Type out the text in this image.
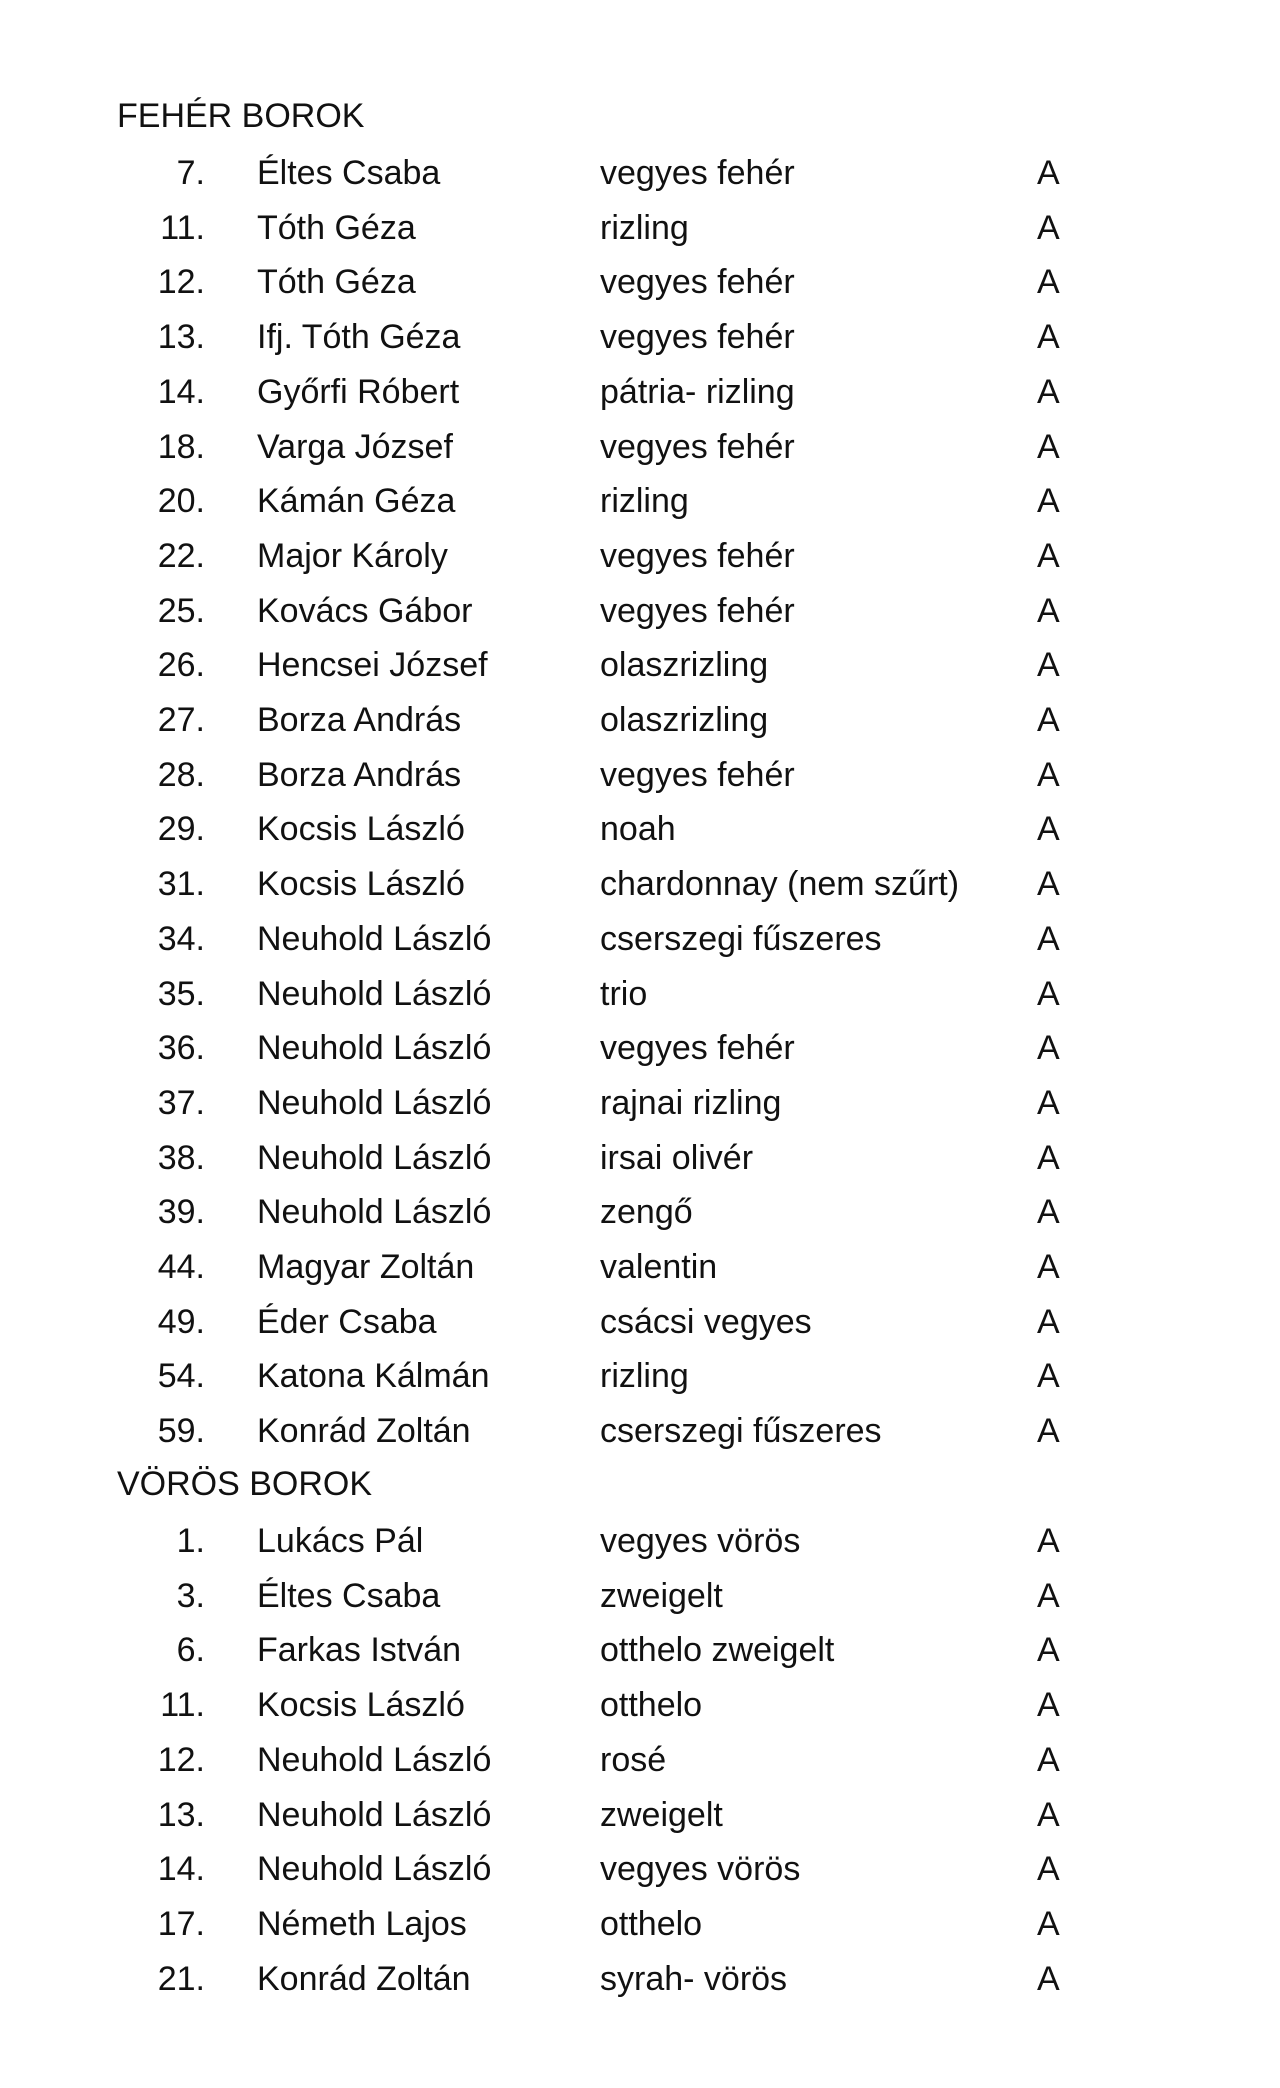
FEHÉR BOROK
7. Éltes Csaba	vegyes fehér	A
11. Tóth Géza	rizling	A
12. Tóth Géza	vegyes fehér	A
13. Ifj. Tóth Géza	vegyes fehér	A
14. Győrfi Róbert	pátria- rizling	A
18. Varga József	vegyes fehér	A
20. Kámán Géza	rizling	A
22. Major Károly	vegyes fehér	A
25. Kovács Gábor	vegyes fehér	A
26. Hencsei József	olaszrizling	A
27. Borza András	olaszrizling	A
28. Borza András	vegyes fehér	A
29. Kocsis László	noah	A
31. Kocsis László	chardonnay (nem szűrt) A
34. Neuhold László	cserszegi fűszeres	A
35. Neuhold László	trio	A
36. Neuhold László	vegyes fehér	A
37. Neuhold László	rajnai rizling	A
38. Neuhold László	irsai olivér	A
39. Neuhold László	zengő	A
44. Magyar Zoltán	valentin	A
49. Éder Csaba	csácsi vegyes	A
54. Katona Kálmán	rizling	A
59. Konrád Zoltán	cserszegi fűszeres	A
VÖRÖS BOROK
1. Lukács Pál	vegyes vörös	A
3. Éltes Csaba	zweigelt	A
6. Farkas István	otthelo zweigelt	A
11. Kocsis László	otthelo	A
12. Neuhold László	rosé	A
13. Neuhold László	zweigelt	A
14. Neuhold László	vegyes vörös	A
17. Németh Lajos	otthelo	A
21. Konrád Zoltán	syrah- vörös	A
